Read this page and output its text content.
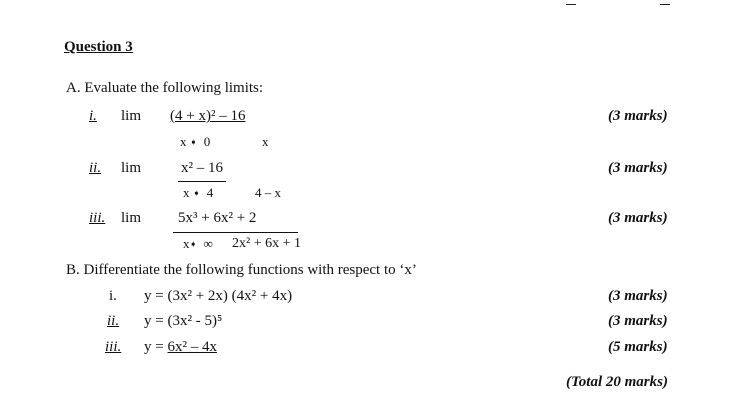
Question 3
A. Evaluate the following limits:
i. lim (4 + x)² – 16
x ➧ 0	x
(3 marks)
ii. lim	x² – 16
x ➧ 4	4 – x
(3 marks)
iii. lim 5x³ + 6x² + 2
x➧ ∞ 2x² + 6x + 1
(3 marks)
B. Differentiate the following functions with respect to ‘x’
i. y = (3x² + 2x) (4x² + 4x)	(3 marks)
ii. y = (3x² - 5)⁵	(3 marks)
iii. y = 6x² – 4x	(5 marks)
(Total 20 marks)
